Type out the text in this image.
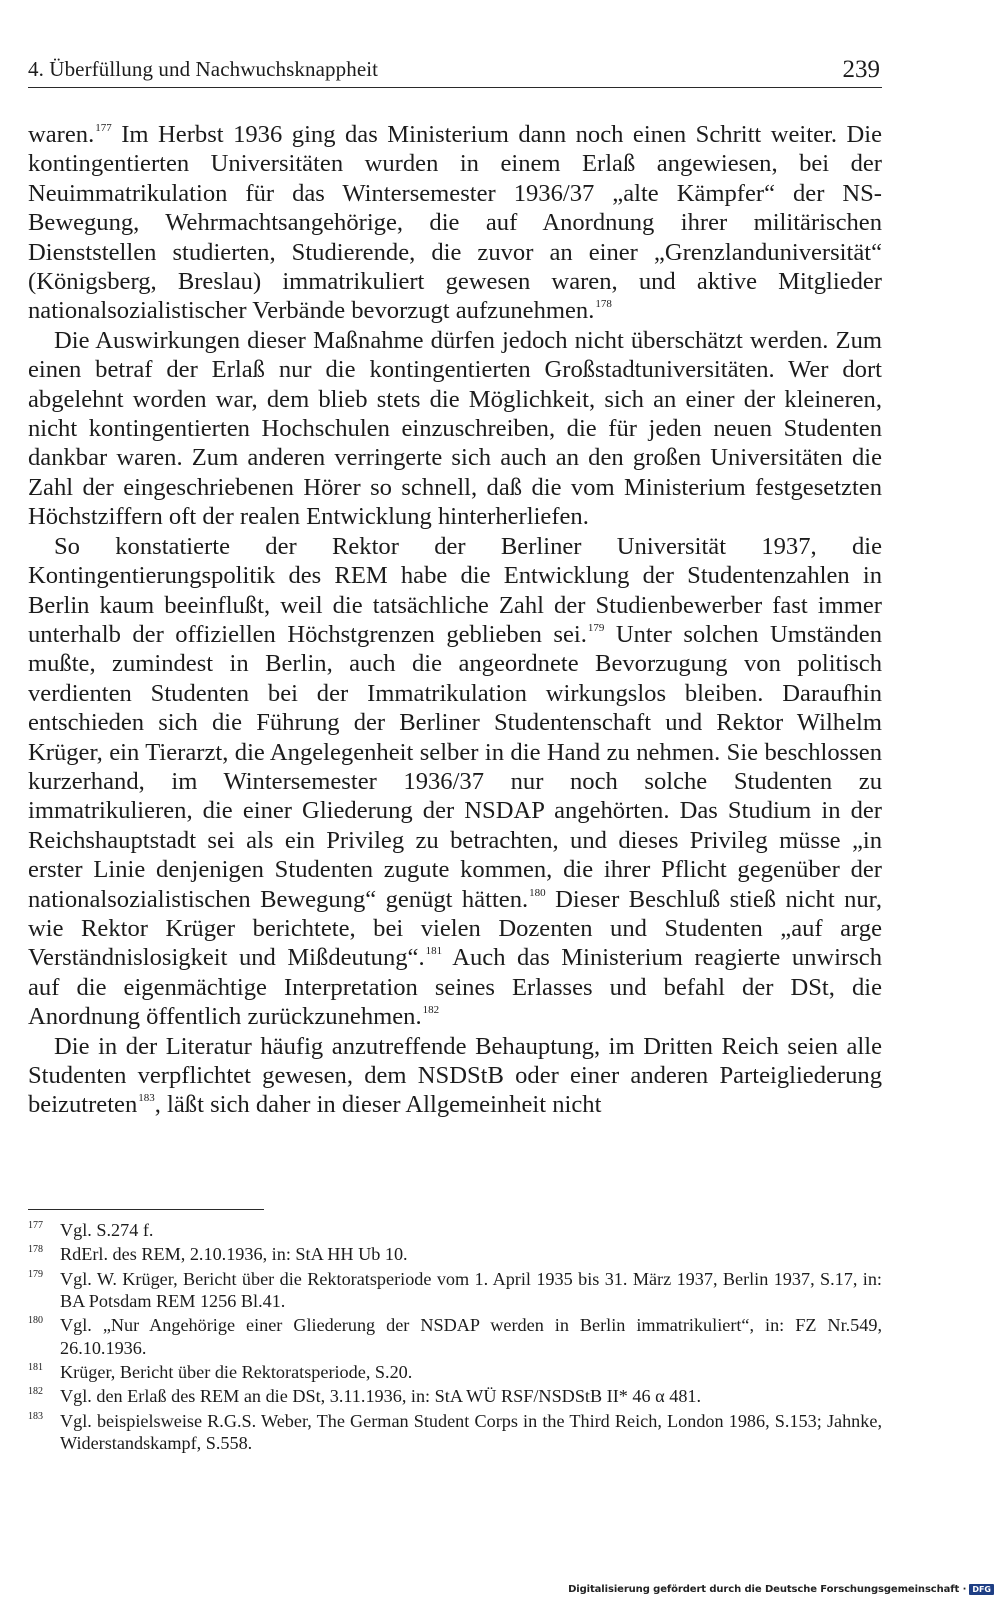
4. Überfüllung und Nachwuchsknappheit	239

waren.$^{177}$ Im Herbst 1936 ging das Ministerium dann noch einen Schritt weiter. Die kontingentierten Universitäten wurden in einem Erlaß angewiesen, bei der Neuimmatrikulation für das Wintersemester 1936/37 „alte Kämpfer“ der NS-Bewegung, Wehrmachtsangehörige, die auf Anordnung ihrer militärischen Dienststellen studierten, Studierende, die zuvor an einer „Grenzlanduniversität“ (Königsberg, Breslau) immatrikuliert gewesen waren, und aktive Mitglieder nationalsozialistischer Verbände bevorzugt aufzunehmen.$^{178}$

Die Auswirkungen dieser Maßnahme dürfen jedoch nicht überschätzt werden. Zum einen betraf der Erlaß nur die kontingentierten Großstadtuniversitäten. Wer dort abgelehnt worden war, dem blieb stets die Möglichkeit, sich an einer der kleineren, nicht kontingentierten Hochschulen einzuschreiben, die für jeden neuen Studenten dankbar waren. Zum anderen verringerte sich auch an den großen Universitäten die Zahl der eingeschriebenen Hörer so schnell, daß die vom Ministerium festgesetzten Höchstziffern oft der realen Entwicklung hinterherliefen.

So konstatierte der Rektor der Berliner Universität 1937, die Kontingentierungspolitik des REM habe die Entwicklung der Studentenzahlen in Berlin kaum beeinflußt, weil die tatsächliche Zahl der Studienbewerber fast immer unterhalb der offiziellen Höchstgrenzen geblieben sei.$^{179}$ Unter solchen Umständen mußte, zumindest in Berlin, auch die angeordnete Bevorzugung von politisch verdienten Studenten bei der Immatrikulation wirkungslos bleiben. Daraufhin entschieden sich die Führung der Berliner Studentenschaft und Rektor Wilhelm Krüger, ein Tierarzt, die Angelegenheit selber in die Hand zu nehmen. Sie beschlossen kurzerhand, im Wintersemester 1936/37 nur noch solche Studenten zu immatrikulieren, die einer Gliederung der NSDAP angehörten. Das Studium in der Reichshauptstadt sei als ein Privileg zu betrachten, und dieses Privileg müsse „in erster Linie denjenigen Studenten zugute kommen, die ihrer Pflicht gegenüber der nationalsozialistischen Bewegung“ genügt hätten.$^{180}$ Dieser Beschluß stieß nicht nur, wie Rektor Krüger berichtete, bei vielen Dozenten und Studenten „auf arge Verständnislosigkeit und Mißdeutung“.$^{181}$ Auch das Ministerium reagierte unwirsch auf die eigenmächtige Interpretation seines Erlasses und befahl der DSt, die Anordnung öffentlich zurückzunehmen.$^{182}$

Die in der Literatur häufig anzutreffende Behauptung, im Dritten Reich seien alle Studenten verpflichtet gewesen, dem NSDStB oder einer anderen Parteigliederung beizutreten$^{183}$, läßt sich daher in dieser Allgemeinheit nicht

177 Vgl. S.274 f.
178 RdErl. des REM, 2.10.1936, in: StA HH Ub 10.
179 Vgl. W. Krüger, Bericht über die Rektoratsperiode vom 1. April 1935 bis 31. März 1937, Berlin 1937, S.17, in: BA Potsdam REM 1256 Bl.41.
180 Vgl. „Nur Angehörige einer Gliederung der NSDAP werden in Berlin immatrikuliert“, in: FZ Nr.549, 26.10.1936.
181 Krüger, Bericht über die Rektoratsperiode, S.20.
182 Vgl. den Erlaß des REM an die DSt, 3.11.1936, in: StA WÜ RSF/NSDStB II* 46 α 481.
183 Vgl. beispielsweise R.G.S. Weber, The German Student Corps in the Third Reich, London 1986, S.153; Jahnke, Widerstandskampf, S.558.
Digitalisierung gefördert durch die Deutsche Forschungsgemeinschaft · DFG
